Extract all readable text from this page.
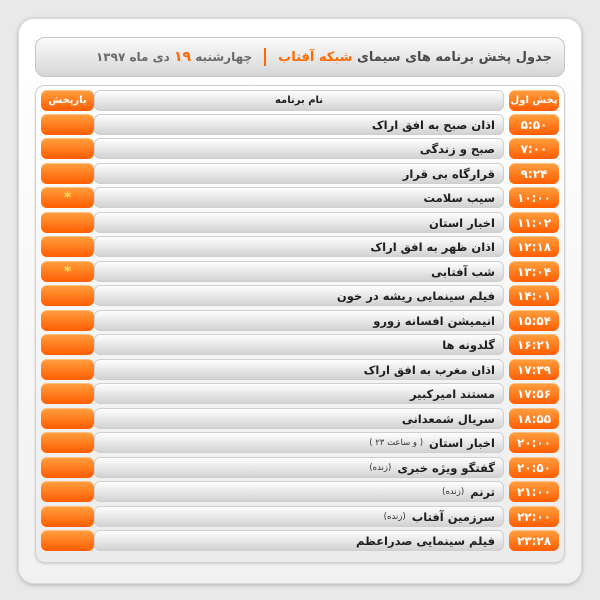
جدول پخش برنامه های سیمای شبکه آفتاب
چهارشنبه ۱۹ دی ماه ۱۳۹۷
پخش اول
نام برنامه
بازپخش
۵:۵۰
اذان صبح به افق اراک
۷:۰۰
صبح و زندگی
۹:۲۴
قرارگاه بی قرار
۱۰:۰۰
سیب سلامت
*
۱۱:۰۲
اخبار استان
۱۲:۱۸
اذان ظهر به افق اراک
۱۳:۰۴
شب آفتابی
*
۱۴:۰۱
فیلم سینمایی ریشه در خون
۱۵:۵۴
انیمیشن افسانه زورو
۱۶:۲۱
گلدونه ها
۱۷:۳۹
اذان مغرب به افق اراک
۱۷:۵۶
مستند امیرکبیر
۱۸:۵۵
سریال شمعدانی
۲۰:۰۰
اخبار استان
( و ساعت ۲۳ )
۲۰:۵۰
گفتگو ویژه خبری
(زنده)
۲۱:۰۰
ترنم
(زنده)
۲۲:۰۰
سرزمین آفتاب
(زنده)
۲۳:۲۸
فیلم سینمایی صدراعظم
